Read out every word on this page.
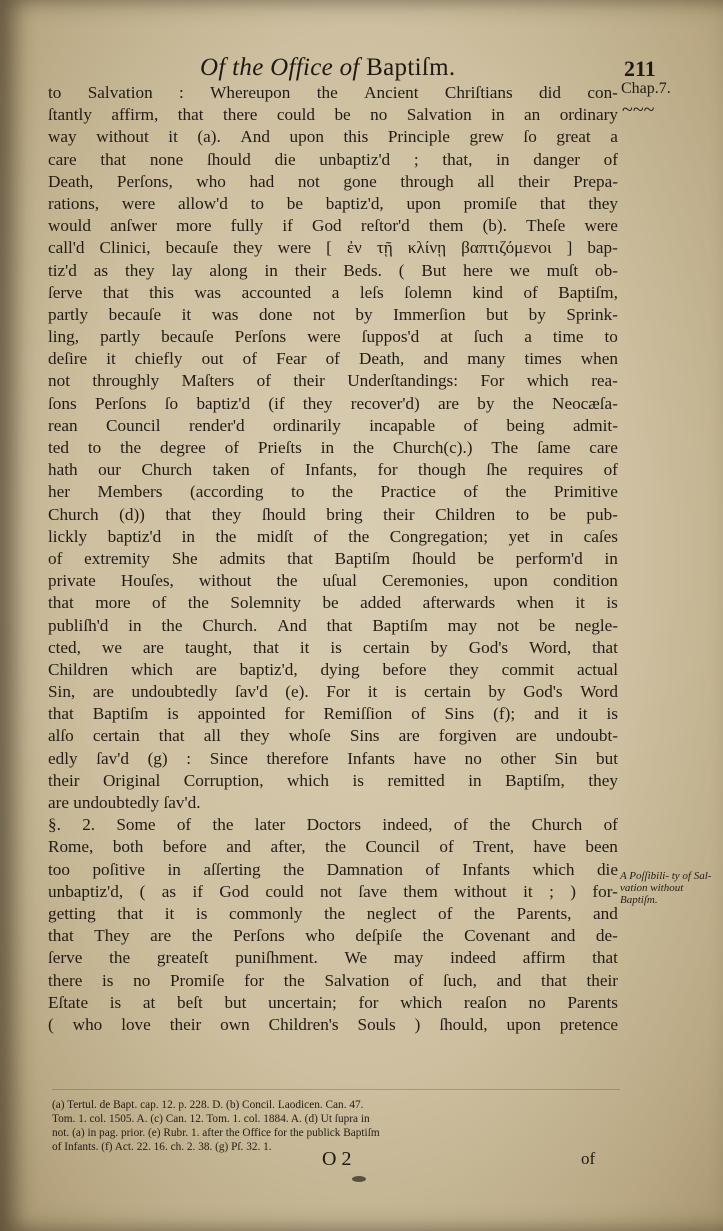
Of the Office of Baptiſm.	211
Chap.7.
~~~
A Poſſibili- ty of Sal- vation without Baptiſm.
to Salvation : Whereupon the Ancient Chriſtians did con-
ſtantly affirm, that there could be no Salvation in an ordinary
way without it (a). And upon this Principle grew ſo great a
care that none ſhould die unbaptiz'd ; that, in danger of
Death, Perſons, who had not gone through all their Prepa-
rations, were allow'd to be baptiz'd, upon promiſe that they
would anſwer more fully if God reſtor'd them (b). Theſe were
call'd Clinici, becauſe they were [ ἐν τῇ κλίνῃ βαπτιζόμενοι ] bap-
tiz'd as they lay along in their Beds. ( But here we muſt ob-
ſerve that this was accounted a leſs ſolemn kind of Baptiſm,
partly becauſe it was done not by Immerſion but by Sprink-
ling, partly becauſe Perſons were ſuppos'd at ſuch a time to
deſire it chiefly out of Fear of Death, and many times when
not throughly Maſters of their Underſtandings: For which rea-
ſons Perſons ſo baptiz'd (if they recover'd) are by the Neocæſa-
rean Council render'd ordinarily incapable of being admit-
ted to the degree of Prieſts in the Church(c).) The ſame care
hath our Church taken of Infants, for though ſhe requires of
her Members (according to the Practice of the Primitive
Church (d)) that they ſhould bring their Children to be pub-
lickly baptiz'd in the midſt of the Congregation; yet in caſes
of extremity She admits that Baptiſm ſhould be perform'd in
private Houſes, without the uſual Ceremonies, upon condition
that more of the Solemnity be added afterwards when it is
publiſh'd in the Church. And that Baptiſm may not be negle-
cted, we are taught, that it is certain by God's Word, that
Children which are baptiz'd, dying before they commit actual
Sin, are undoubtedly ſav'd (e). For it is certain by God's Word
that Baptiſm is appointed for Remiſſion of Sins (f); and it is
alſo certain that all they whoſe Sins are forgiven are undoubt-
edly ſav'd (g) : Since therefore Infants have no other Sin but
their Original Corruption, which is remitted in Baptiſm, they
are undoubtedly ſav'd.
§. 2. Some of the later Doctors indeed, of the Church of
Rome, both before and after, the Council of Trent, have been
too poſitive in aſſerting the Damnation of Infants which die
unbaptiz'd, ( as if God could not ſave them without it ; ) for-
getting that it is commonly the neglect of the Parents, and
that They are the Perſons who deſpiſe the Covenant and de-
ſerve the greateſt puniſhment. We may indeed affirm that
there is no Promiſe for the Salvation of ſuch, and that their
Eſtate is at beſt but uncertain; for which reaſon no Parents
( who love their own Children's Souls ) ſhould, upon pretence
(a) Tertul. de Bapt. cap. 12. p. 228. D. (b) Concil. Laodicen. Can. 47.
Tom. 1. col. 1505. A. (c) Can. 12. Tom. 1. col. 1884. A. (d) Ut ſupra in
not. (a) in pag. prior. (e) Rubr. 1. after the Office for the publick Baptiſm
of Infants. (f) Act. 22. 16. ch. 2. 38. (g) Pſ. 32. 1.
O 2	of
